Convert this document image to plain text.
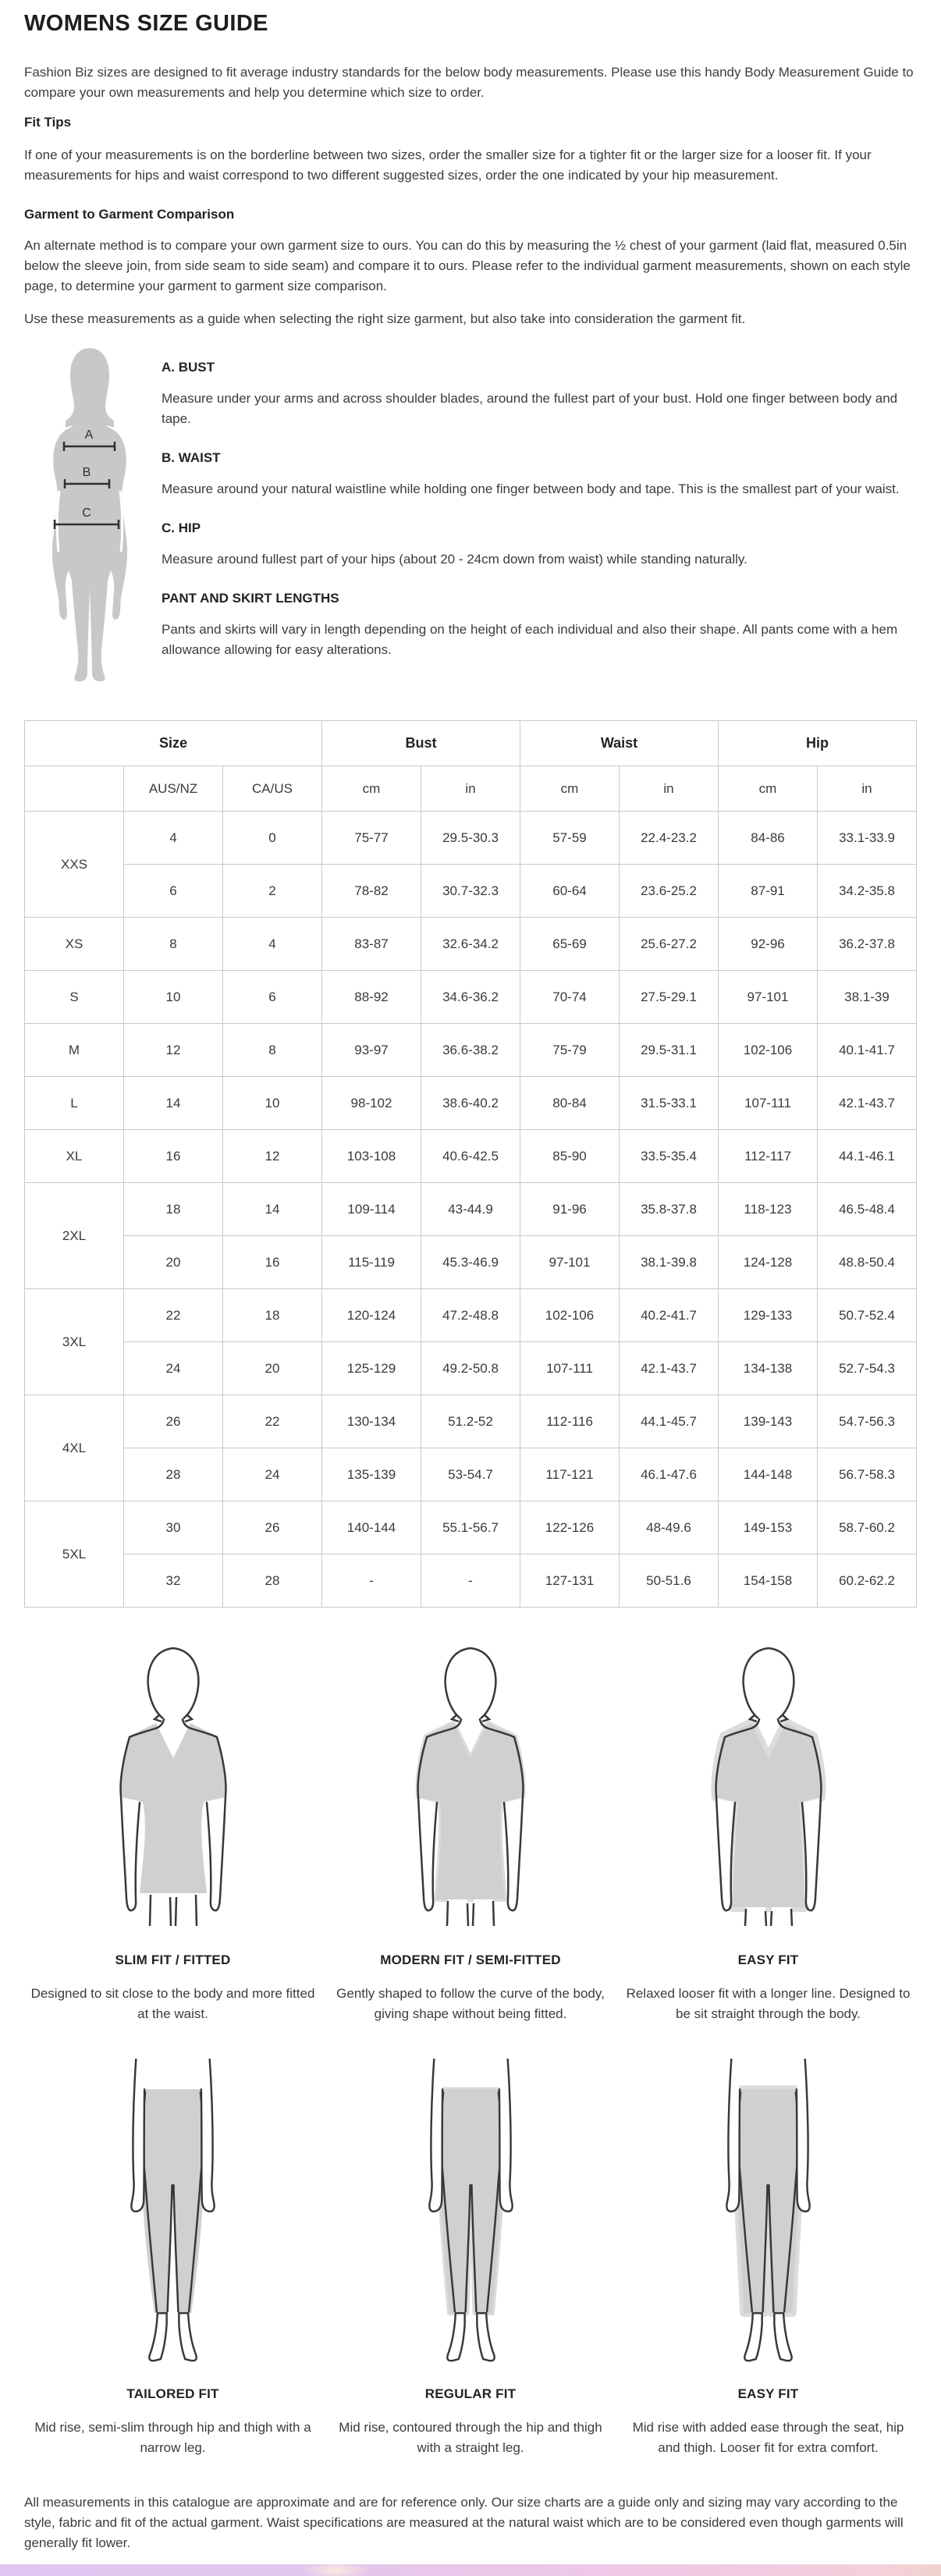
WOMENS SIZE GUIDE

Fashion Biz sizes are designed to fit average industry standards for the below body measurements. Please use this handy Body Measurement Guide to compare your own measurements and help you determine which size to order.

Fit Tips

If one of your measurements is on the borderline between two sizes, order the smaller size for a tighter fit or the larger size for a looser fit. If your measurements for hips and waist correspond to two different suggested sizes, order the one indicated by your hip measurement.

Garment to Garment Comparison

An alternate method is to compare your own garment size to ours. You can do this by measuring the ½ chest of your garment (laid flat, measured 0.5in below the sleeve join, from side seam to side seam) and compare it to ours. Please refer to the individual garment measurements, shown on each style page, to determine your garment to garment size comparison.

Use these measurements as a guide when selecting the right size garment, but also take into consideration the garment fit.

A
B
C
A. BUST

Measure under your arms and across shoulder blades, around the fullest part of your bust. Hold one finger between body and tape.

B. WAIST

Measure around your natural waistline while holding one finger between body and tape. This is the smallest part of your waist.

C. HIP

Measure around fullest part of your hips (about 20 - 24cm down from waist) while standing naturally.

PANT AND SKIRT LENGTHS

Pants and skirts will vary in length depending on the height of each individual and also their shape. All pants come with a hem allowance allowing for easy alterations.

Size			Bust		Waist		Hip	
	AUS/NZ	CA/US	cm	in	cm	in	cm	in
XXS	4	0	75-77	29.5-30.3	57-59	22.4-23.2	84-86	33.1-33.9
	6	2	78-82	30.7-32.3	60-64	23.6-25.2	87-91	34.2-35.8
XS	8	4	83-87	32.6-34.2	65-69	25.6-27.2	92-96	36.2-37.8
S	10	6	88-92	34.6-36.2	70-74	27.5-29.1	97-101	38.1-39
M	12	8	93-97	36.6-38.2	75-79	29.5-31.1	102-106	40.1-41.7
L	14	10	98-102	38.6-40.2	80-84	31.5-33.1	107-111	42.1-43.7
XL	16	12	103-108	40.6-42.5	85-90	33.5-35.4	112-117	44.1-46.1
2XL	18	14	109-114	43-44.9	91-96	35.8-37.8	118-123	46.5-48.4
	20	16	115-119	45.3-46.9	97-101	38.1-39.8	124-128	48.8-50.4
3XL	22	18	120-124	47.2-48.8	102-106	40.2-41.7	129-133	50.7-52.4
	24	20	125-129	49.2-50.8	107-111	42.1-43.7	134-138	52.7-54.3
4XL	26	22	130-134	51.2-52	112-116	44.1-45.7	139-143	54.7-56.3
	28	24	135-139	53-54.7	117-121	46.1-47.6	144-148	56.7-58.3
5XL	30	26	140-144	55.1-56.7	122-126	48-49.6	149-153	58.7-60.2
	32	28	-	-	127-131	50-51.6	154-158	60.2-62.2
SLIM FIT / FITTED

Designed to sit close to the body and more fitted at the waist.

MODERN FIT / SEMI-FITTED

Gently shaped to follow the curve of the body, giving shape without being fitted.

EASY FIT

Relaxed looser fit with a longer line. Designed to be sit straight through the body.

TAILORED FIT

Mid rise, semi-slim through hip and thigh with a narrow leg.

REGULAR FIT

Mid rise, contoured through the hip and thigh with a straight leg.

EASY FIT

Mid rise with added ease through the seat, hip and thigh. Looser fit for extra comfort.

All measurements in this catalogue are approximate and are for reference only. Our size charts are a guide only and sizing may vary according to the style, fabric and fit of the actual garment. Waist specifications are measured at the natural waist which are to be considered even though garments will generally fit lower.
